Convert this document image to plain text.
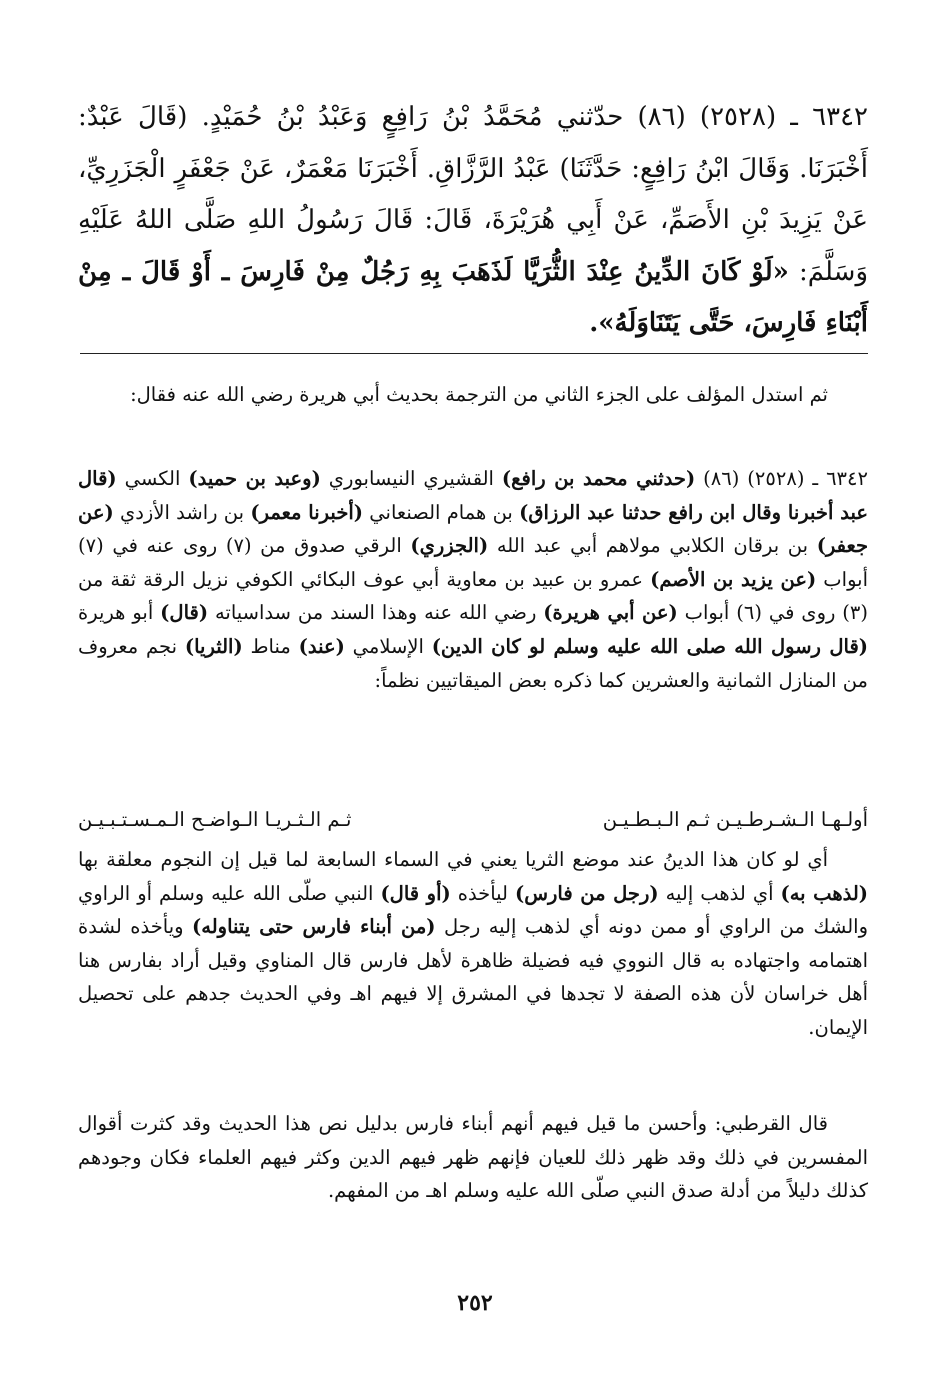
٦٣٤٢ ـ (٢٥٢٨) (٨٦) حدّثني مُحَمَّدُ بْنُ رَافِعٍ وَعَبْدُ بْنُ حُمَيْدٍ. (قَالَ عَبْدٌ: أَخْبَرَنَا. وَقَالَ ابْنُ رَافِعٍ: حَدَّثَنَا) عَبْدُ الرَّزَّاقِ. أَخْبَرَنَا مَعْمَرٌ، عَنْ جَعْفَرٍ الْجَزَرِيِّ، عَنْ يَزِيدَ بْنِ الأَصَمِّ، عَنْ أَبِي هُرَيْرَةَ، قَالَ: قَالَ رَسُولُ اللهِ صَلَّى اللهُ عَلَيْهِ وَسَلَّمَ: «لَوْ كَانَ الدِّينُ عِنْدَ الثُّرَيَّا لَذَهَبَ بِهِ رَجُلٌ مِنْ فَارِسَ ـ أَوْ قَالَ ـ مِنْ أَبْنَاءِ فَارِسَ، حَتَّى يَتَنَاوَلَهُ».

ثم استدل المؤلف على الجزء الثاني من الترجمة بحديث أبي هريرة رضي الله عنه فقال:

٦٣٤٢ ـ (٢٥٢٨) (٨٦) (حدثني محمد بن رافع) القشيري النيسابوري (وعبد بن حميد) الكسي (قال عبد أخبرنا وقال ابن رافع حدثنا عبد الرزاق) بن همام الصنعاني (أخبرنا معمر) بن راشد الأزدي (عن جعفر) بن برقان الكلابي مولاهم أبي عبد الله (الجزري) الرقي صدوق من (٧) روى عنه في (٧) أبواب (عن يزيد بن الأصم) عمرو بن عبيد بن معاوية أبي عوف البكائي الكوفي نزيل الرقة ثقة من (٣) روى في (٦) أبواب (عن أبي هريرة) رضي الله عنه وهذا السند من سداسياته (قال) أبو هريرة (قال رسول الله صلى الله عليه وسلم لو كان الدين) الإسلامي (عند) مناط (الثريا) نجم معروف من المنازل الثمانية والعشرين كما ذكره بعض الميقاتيين نظماً:

أولـهـا الـشـرطـيـن ثـم الـبـطـيـن
ثـم الـثـريـا الـواضـح الـمـسـتـبـيـن

أي لو كان هذا الدينُ عند موضع الثريا يعني في السماء السابعة لما قيل إن النجوم معلقة بها (لذهب به) أي لذهب إليه (رجل من فارس) ليأخذه (أو قال) النبي صلّى الله عليه وسلم أو الراوي والشك من الراوي أو ممن دونه أي لذهب إليه رجل (من أبناء فارس حتى يتناوله) ويأخذه لشدة اهتمامه واجتهاده به قال النووي فيه فضيلة ظاهرة لأهل فارس قال المناوي وقيل أراد بفارس هنا أهل خراسان لأن هذه الصفة لا تجدها في المشرق إلا فيهم اهـ وفي الحديث جدهم على تحصيل الإيمان.

قال القرطبي: وأحسن ما قيل فيهم أنهم أبناء فارس بدليل نص هذا الحديث وقد كثرت أقوال المفسرين في ذلك وقد ظهر ذلك للعيان فإنهم ظهر فيهم الدين وكثر فيهم العلماء فكان وجودهم كذلك دليلاً من أدلة صدق النبي صلّى الله عليه وسلم اهـ من المفهم.

٢٥٢
